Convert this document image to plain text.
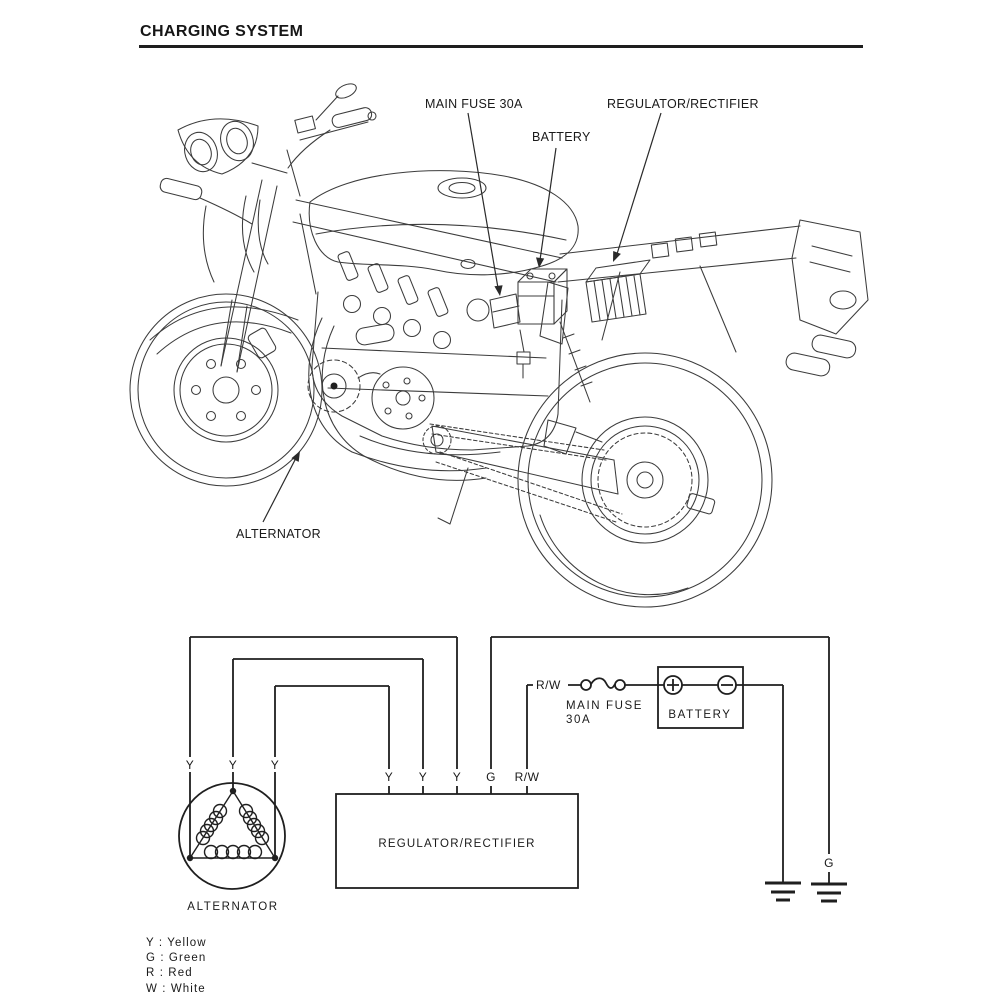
CHARGING SYSTEM
MAIN FUSE 30A
BATTERY
REGULATOR/RECTIFIER
ALTERNATOR
REGULATOR/RECTIFIER
ALTERNATOR
Y	Y	Y
Y Y Y G R/W
R/W
MAIN FUSE
30A	BATTERY
G
Y : Yellow
G : Green
R : Red
W : White
